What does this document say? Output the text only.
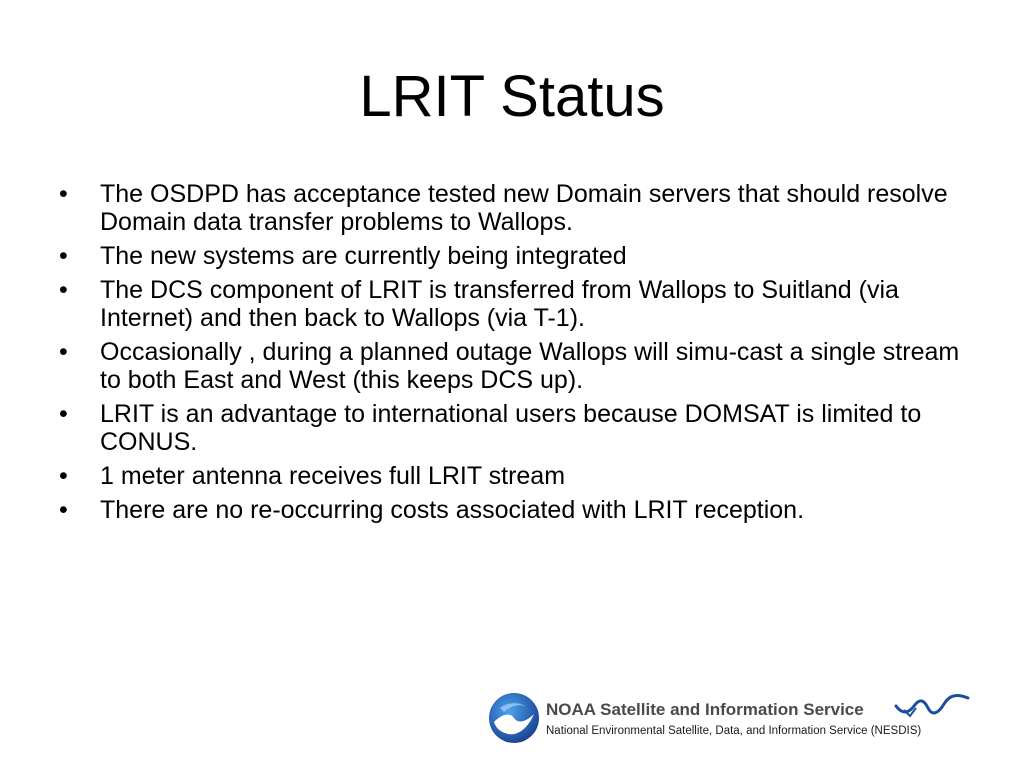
LRIT Status
• The OSDPD has acceptance tested new Domain servers that should resolve Domain data transfer problems to Wallops.
• The new systems are currently being integrated
• The DCS component of LRIT is transferred from Wallops to Suitland (via Internet) and then back to Wallops (via T-1).
• Occasionally , during a planned outage Wallops will simu-cast a single stream to both East and West (this keeps DCS up).
• LRIT is an advantage to international users because DOMSAT is limited to CONUS.
• 1 meter antenna receives full LRIT stream
• There are no re-occurring costs associated with LRIT reception.
NOAA Satellite and Information Service
National Environmental Satellite, Data, and Information Service (NESDIS)
